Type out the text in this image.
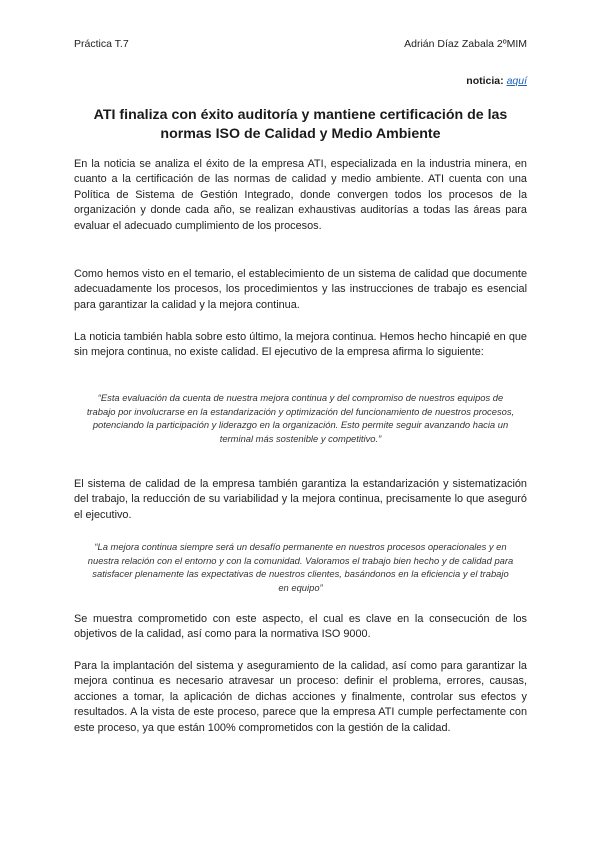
Práctica T.7	Adrián Díaz Zabala 2ºMIM
noticia: aquí
ATI finaliza con éxito auditoría y mantiene certificación de las normas ISO de Calidad y Medio Ambiente

En la noticia se analiza el éxito de la empresa ATI, especializada en la industria minera, en cuanto a la certificación de las normas de calidad y medio ambiente. ATI cuenta con una Política de Sistema de Gestión Integrado, donde convergen todos los procesos de la organización y donde cada año, se realizan exhaustivas auditorías a todas las áreas para evaluar el adecuado cumplimiento de los procesos.

Como hemos visto en el temario, el establecimiento de un sistema de calidad que documente adecuadamente los procesos, los procedimientos y las instrucciones de trabajo es esencial para garantizar la calidad y la mejora continua.

La noticia también habla sobre esto último, la mejora continua. Hemos hecho hincapié en que sin mejora continua, no existe calidad. El ejecutivo de la empresa afirma lo siguiente:

“Esta evaluación da cuenta de nuestra mejora continua y del compromiso de nuestros equipos de trabajo por involucrarse en la estandarización y optimización del funcionamiento de nuestros procesos, potenciando la participación y liderazgo en la organización. Esto permite seguir avanzando hacia un terminal más sostenible y competitivo.”

El sistema de calidad de la empresa también garantiza la estandarización y sistematización del trabajo, la reducción de su variabilidad y la mejora continua, precisamente lo que aseguró el ejecutivo.

“La mejora continua siempre será un desafío permanente en nuestros procesos operacionales y en nuestra relación con el entorno y con la comunidad. Valoramos el trabajo bien hecho y de calidad para satisfacer plenamente las expectativas de nuestros clientes, basándonos en la eficiencia y el trabajo en equipo”

Se muestra comprometido con este aspecto, el cual es clave en la consecución de los objetivos de la calidad, así como para la normativa ISO 9000.

Para la implantación del sistema y aseguramiento de la calidad, así como para garantizar la mejora continua es necesario atravesar un proceso: definir el problema, errores, causas, acciones a tomar, la aplicación de dichas acciones y finalmente, controlar sus efectos y resultados. A la vista de este proceso, parece que la empresa ATI cumple perfectamente con este proceso, ya que están 100% comprometidos con la gestión de la calidad.
